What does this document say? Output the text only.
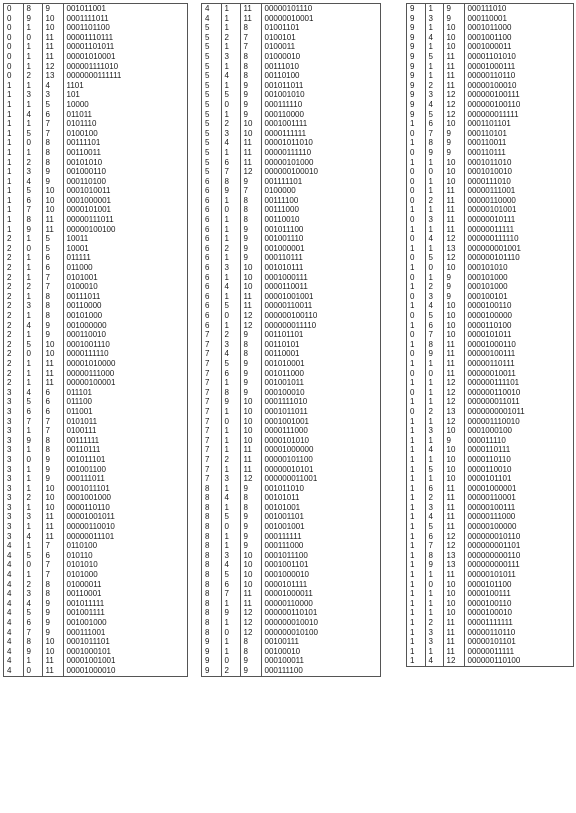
0	8	9	001011001
0	9	10	0001111011
0	1	10	0001101100
0	0	11	00001110111
0	1	11	00001101011
0	1	11	00001010001
0	1	12	000001111010
0	2	13	0000000111111
1	1	4	1101
1	3	3	101
1	1	5	10000
1	4	6	011011
1	1	7	0101110
1	5	7	0100100
1	0	8	00111101
1	1	8	00110011
1	2	8	00101010
1	3	9	001000110
1	4	9	000110100
1	5	10	0001010011
1	6	10	0001000001
1	7	10	0000101001
1	8	11	00000111011
1	9	11	00000100100
2	1	5	10011
2	0	5	10001
2	1	6	011111
2	1	6	011000
2	1	7	0101001
2	2	7	0100010
2	1	8	00111011
2	3	8	00110000
2	1	8	00101000
2	4	9	001000000
2	1	9	000110010
2	5	10	0001001110
2	0	10	0000111110
2	1	11	00001010000
2	1	11	00000111000
2	1	11	00000100001
3	4	6	011101
3	5	6	011100
3	6	6	011001
3	7	7	0101011
3	1	7	0100111
3	9	8	00111111
3	1	8	00110111
3	0	9	001011101
3	1	9	001001100
3	1	9	000111011
3	1	10	0001011101
3	2	10	0001001000
3	1	10	0000110110
3	3	11	00001001011
3	1	11	00000110010
3	4	11	00000011101
4	1	7	0110100
4	5	6	010110
4	0	7	0101010
4	1	7	0101000
4	2	8	01000011
4	3	8	00110001
4	4	9	001011111
4	5	9	001001111
4	6	9	001001000
4	7	9	000111001
4	8	10	0001011101
4	9	10	0001000101
4	1	11	00001001001
4	0	11	00001000010
4	1	11	00000101110
4	1	11	00000010001
5	1	8	01001101
5	2	7	0100101
5	1	7	0100011
5	3	8	01000010
5	1	8	00111010
5	4	8	00110100
5	1	9	001011011
5	5	9	001001010
5	0	9	000111110
5	1	9	000110000
5	2	10	0001001111
5	3	10	0000111111
5	4	11	00001011010
5	1	11	00000111110
5	6	11	00000101000
5	7	12	000000100010
6	8	9	001111101
6	9	7	0100000
6	1	8	00111100
6	0	8	00111000
6	1	8	00110010
6	1	9	001011100
6	1	9	001001110
6	2	9	001000001
6	1	9	000110111
6	3	10	001010111
6	1	10	0001000111
6	4	10	0000110011
6	1	11	00001001001
6	5	11	00000110011
6	0	12	000000100110
6	1	12	000000011110
7	2	9	001101101
7	3	8	00110101
7	4	8	00110001
7	5	9	001010001
7	6	9	001011000
7	1	9	001001011
7	8	9	000100010
7	9	10	0001111010
7	1	10	0001011011
7	0	10	0001001001
7	1	10	0000111000
7	1	10	0000101010
7	1	11	00001000000
7	2	11	00000101100
7	1	11	00000010101
7	3	12	000000011001
8	1	9	001011010
8	4	8	00101011
8	1	8	00101001
8	5	9	001001101
8	0	9	001001001
8	1	9	000111111
8	1	9	000111000
8	3	10	0001011100
8	4	10	0001001101
8	5	10	0001000010
8	6	10	0000101111
8	7	11	00001000011
8	1	11	00000110000
8	9	12	000000110101
8	1	12	000000010010
8	0	12	000000010100
9	1	8	00100111
9	1	8	00100010
9	0	9	000100011
9	2	9	000111100
9	1	9	000111010
9	3	9	000110001
9	1	10	0001011000
9	4	10	0001001100
9	1	10	0001000011
9	5	11	00001101010
9	1	11	00001000111
9	1	11	00000110110
9	2	11	00000100010
9	3	12	000000100111
9	4	12	000000100110
9	5	12	000000011111
1	6	10	0001101101
0	7	9	000110101
1	8	9	000110011
0	9	9	000110111
1	1	10	0001011010
0	0	10	0001010010
0	1	10	0000111010
0	1	11	00000111001
0	2	11	00000110000
1	1	11	00000101001
0	3	11	00000010111
1	1	11	00000011111
0	4	12	000000111110
1	1	13	000000001001
0	5	12	000000101110
1	0	10	000101010
0	1	9	000101000
1	2	9	000101000
0	3	9	000100101
1	4	10	0000100110
0	5	10	0000100000
1	6	10	0000110100
0	7	10	0000101011
1	8	11	00001000110
0	9	11	00000100111
1	1	11	00000110111
0	0	11	00000010011
1	1	12	000000111101
0	1	12	000000110010
1	1	12	000000011011
0	2	13	0000000001011
1	1	12	000001110010
1	3	10	0001000100
1	1	9	000011110
1	4	10	0000110111
1	1	10	0000110110
1	5	10	0000110010
1	1	10	0000101101
1	6	11	00001000001
1	2	11	00000110001
1	3	11	00000100111
1	4	11	00000111000
1	5	11	00000100000
1	6	12	000000010110
1	7	12	000000001101
1	8	13	000000000110
1	9	13	000000000111
1	1	11	00000101011
1	0	10	0000101100
1	1	10	0000100111
1	1	10	0000100110
1	1	10	0000100010
1	2	11	00001111111
1	3	11	00000110110
1	3	11	00000101101
1	1	11	00000011111
1	4	12	000000110100
